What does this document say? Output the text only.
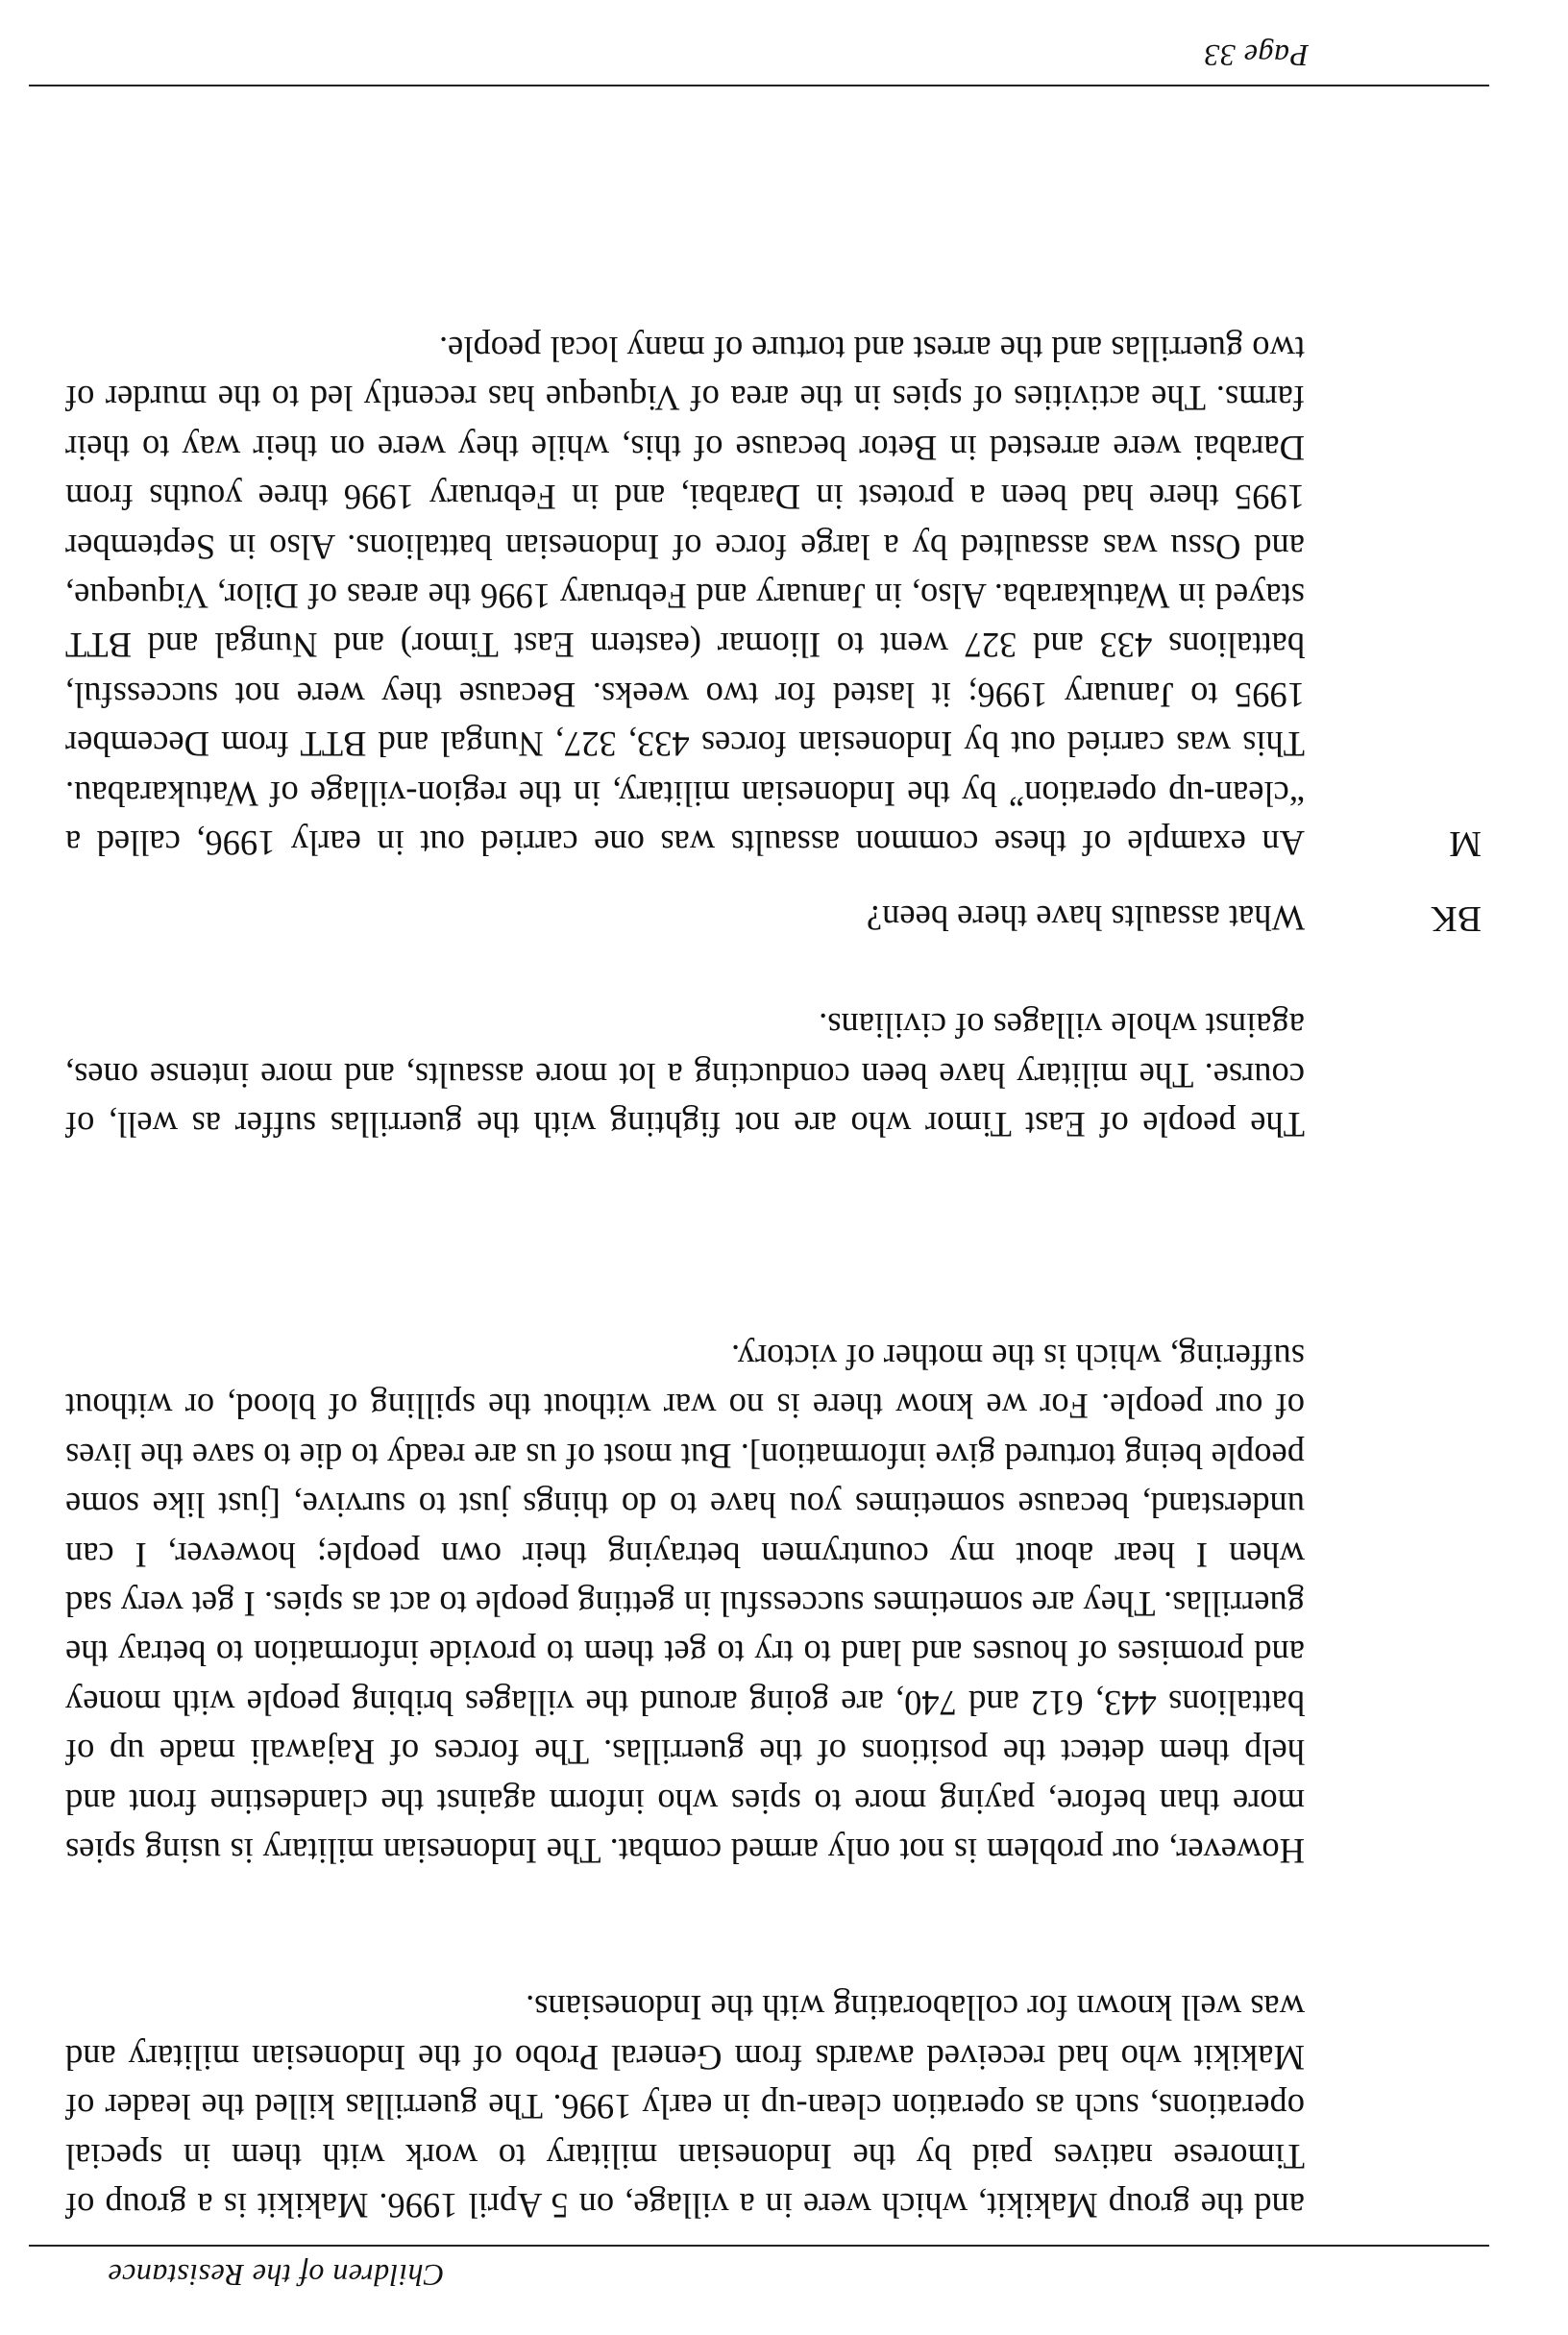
Children of the Resistance

and the group Makikit, which were in a village, on 5 April 1996. Makikit is a group of Timorese natives paid by the Indonesian military to work with them in special operations, such as operation clean-up in early 1996. The guerrillas killed the leader of Makikit who had received awards from General Probo of the Indonesian military and was well known for collaborating with the Indonesians.

However, our problem is not only armed combat. The Indonesian military is using spies more than before, paying more to spies who inform against the clandestine front and help them detect the positions of the guerrillas. The forces of Rajawali made up of battalions 443, 612 and 740, are going around the villages bribing people with money and promises of houses and land to try to get them to provide information to betray the guerrillas. They are sometimes successful in getting people to act as spies. I get very sad when I hear about my countrymen betraying their own people; however, I can understand, because sometimes you have to do things just to survive, [just like some people being tortured give information]. But most of us are ready to die to save the lives of our people. For we know there is no war without the spilling of blood, or without suffering, which is the mother of victory.

The people of East Timor who are not fighting with the guerrillas suffer as well, of course. The military have been conducting a lot more assaults, and more intense ones, against whole villages of civilians.

BK

What assaults have there been?

M

An example of these common assaults was one carried out in early 1996, called a “clean-up operation” by the Indonesian military, in the region-village of Watukarabau. This was carried out by Indonesian forces 433, 327, Nungal and BTT from December 1995 to January 1996; it lasted for two weeks. Because they were not successful, battalions 433 and 327 went to Iliomar (eastern East Timor) and Nungal and BTT stayed in Watukaraba. Also, in January and February 1996 the areas of Dilor, Viqueque, and Ossu was assaulted by a large force of Indonesian battalions. Also in September 1995 there had been a protest in Darabai, and in February 1996 three youths from Darabai were arrested in Betor because of this, while they were on their way to their farms. The activities of spies in the area of Viqueque has recently led to the murder of two guerrillas and the arrest and torture of many local people.

Page 33
